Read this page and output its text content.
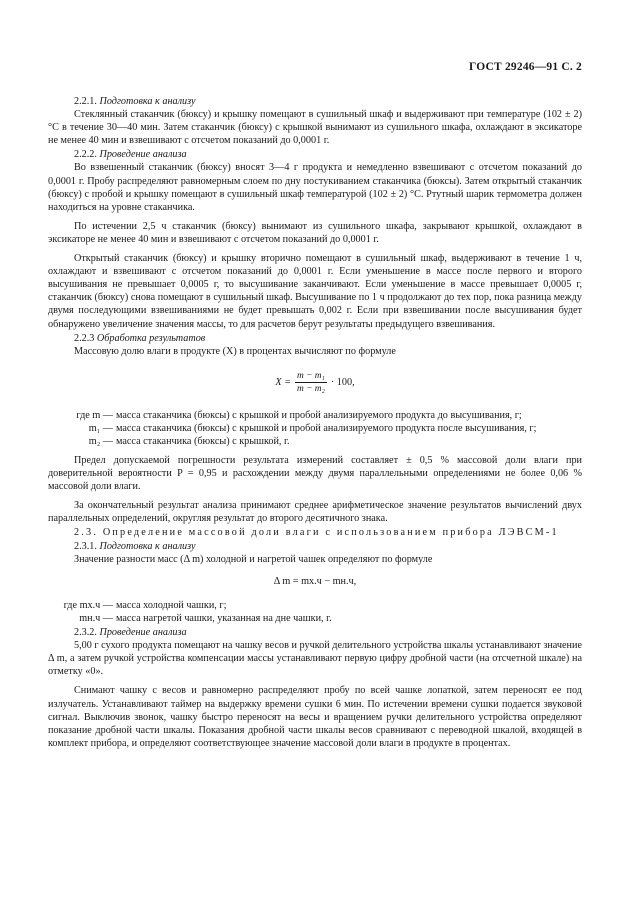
ГОСТ 29246—91 С. 2

2.2.1. Подготовка к анализу

Стеклянный стаканчик (бюксу) и крышку помещают в сушильный шкаф и выдерживают при температуре (102 ± 2) °С в течение 30—40 мин. Затем стаканчик (бюксу) с крышкой вынимают из сушильного шкафа, охлаждают в эксикаторе не менее 40 мин и взвешивают с отсчетом показаний до 0,0001 г.

2.2.2. Проведение анализа

Во взвешенный стаканчик (бюксу) вносят 3—4 г продукта и немедленно взвешивают с отсчетом показаний до 0,0001 г. Пробу распределяют равномерным слоем по дну постукиванием стаканчика (бюксы). Затем открытый стаканчик (бюксу) с пробой и крышку помещают в сушильный шкаф температурой (102 ± 2) °С. Ртутный шарик термометра должен находиться на уровне стаканчика.

По истечении 2,5 ч стаканчик (бюксу) вынимают из сушильного шкафа, закрывают крышкой, охлаждают в эксикаторе не менее 40 мин и взвешивают с отсчетом показаний до 0,0001 г.

Открытый стаканчик (бюксу) и крышку вторично помещают в сушильный шкаф, выдерживают в течение 1 ч, охлаждают и взвешивают с отсчетом показаний до 0,0001 г. Если уменьшение в массе после первого и второго высушивания не превышает 0,0005 г, то высушивание заканчивают. Если уменьшение в массе превышает 0,0005 г, стаканчик (бюксу) снова помещают в сушильный шкаф. Высушивание по 1 ч продолжают до тех пор, пока разница между двумя последующими взвешиваниями не будет превышать 0,002 г. Если при взвешивании после высушивания будет обнаружено увеличение значения массы, то для расчетов берут результаты предыдущего взвешивания.

2.2.3 Обработка результатов

Массовую долю влаги в продукте (X) в процентах вычисляют по формуле

$X = \frac{\text{m − m₁}}{\text{m − m₂}} \cdot 100$,
где m — масса стаканчика (бюксы) с крышкой и пробой анализируемого продукта до высушивания, г;
m₁ — масса стаканчика (бюксы) с крышкой и пробой анализируемого продукта после высушивания, г;
m₂ — масса стаканчика (бюксы) с крышкой, г.

Предел допускаемой погрешности результата измерений составляет ± 0,5 % массовой доли влаги при доверительной вероятности P = 0,95 и расхождении между двумя параллельными определениями не более 0,06 % массовой доли влаги.

За окончательный результат анализа принимают среднее арифметическое значение результатов вычислений двух параллельных определений, округляя результат до второго десятичного знака.

2.3. Определение массовой доли влаги с использованием прибора ЛЭВСМ-1

2.3.1. Подготовка к анализу

Значение разности масс (Δ m) холодной и нагретой чашек определяют по формуле

Δ m = mх.ч − mн.ч,
где mх.ч — масса холодной чашки, г;
mн.ч — масса нагретой чашки, указанная на дне чашки, г.

2.3.2. Проведение анализа

5,00 г сухого продукта помещают на чашку весов и ручкой делительного устройства шкалы устанавливают значение Δ m, а затем ручкой устройства компенсации массы устанавливают первую цифру дробной части (на отсчетной шкале) на отметку «0».

Снимают чашку с весов и равномерно распределяют пробу по всей чашке лопаткой, затем переносят ее под излучатель. Устанавливают таймер на выдержку времени сушки 6 мин. По истечении времени сушки подается звуковой сигнал. Выключив звонок, чашку быстро переносят на весы и вращением ручки делительного устройства определяют показание дробной части шкалы. Показания дробной части шкалы весов сравнивают с переводной шкалой, входящей в комплект прибора, и определяют соответствующее значение массовой доли влаги в продукте в процентах.
